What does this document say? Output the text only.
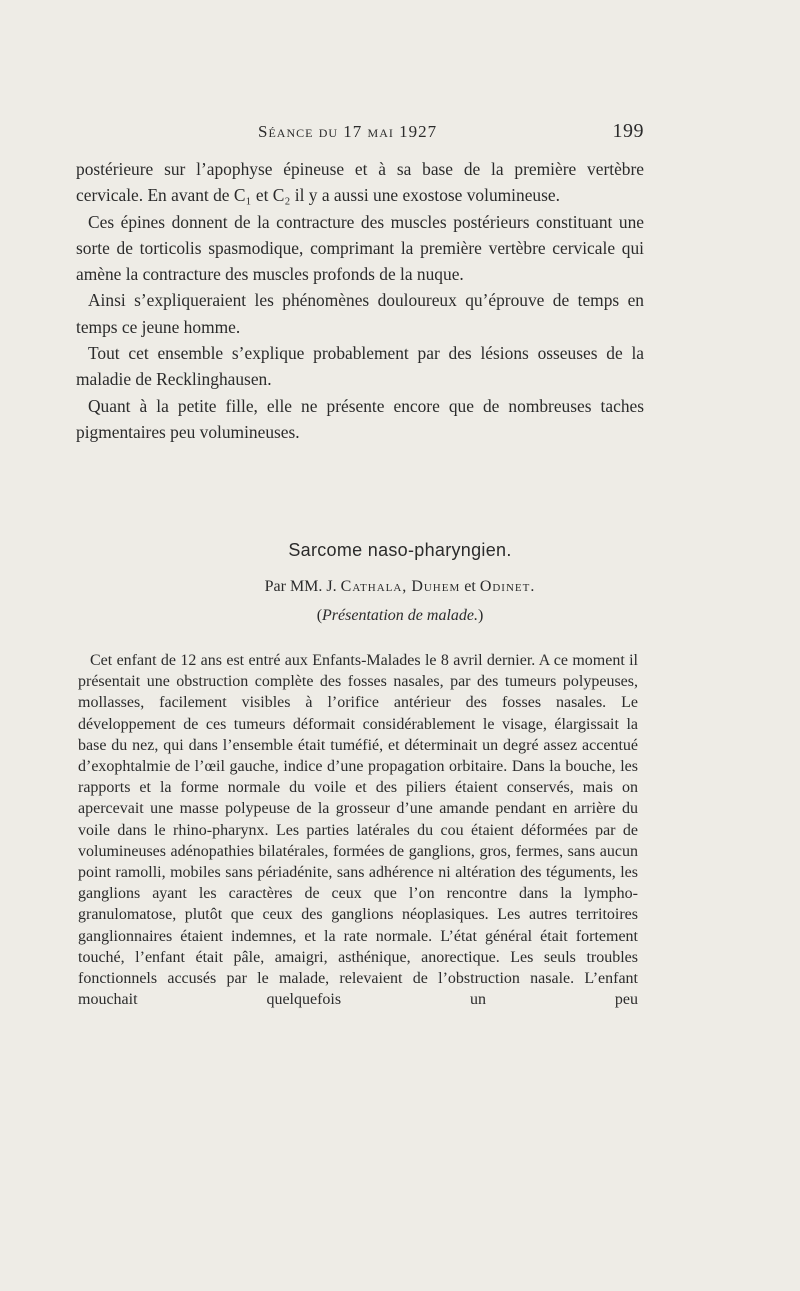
Séance du 17 mai 1927	199

postérieure sur l’apophyse épineuse et à sa base de la première vertèbre cervicale. En avant de C₁ et C₂ il y a aussi une exostose volumineuse.

Ces épines donnent de la contracture des muscles postérieurs constituant une sorte de torticolis spasmodique, comprimant la première vertèbre cervicale qui amène la contracture des muscles profonds de la nuque.

Ainsi s’expliqueraient les phénomènes douloureux qu’éprouve de temps en temps ce jeune homme.

Tout cet ensemble s’explique probablement par des lésions osseuses de la maladie de Recklinghausen.

Quant à la petite fille, elle ne présente encore que de nombreuses taches pigmentaires peu volumineuses.

Sarcome naso-pharyngien.
Par MM. J. Cathala, Duhem et Odinet.
(Présentation de malade.)

Cet enfant de 12 ans est entré aux Enfants-Malades le 8 avril dernier. A ce moment il présentait une obstruction complète des fosses nasales, par des tumeurs polypeuses, mollasses, facilement visibles à l’orifice antérieur des fosses nasales. Le développement de ces tumeurs déformait considérablement le visage, élargissait la base du nez, qui dans l’ensemble était tuméfié, et déterminait un degré assez accentué d’exophtalmie de l’œil gauche, indice d’une propagation orbitaire. Dans la bouche, les rapports et la forme normale du voile et des piliers étaient conservés, mais on apercevait une masse polypeuse de la grosseur d’une amande pendant en arrière du voile dans le rhino-pharynx. Les parties latérales du cou étaient déformées par de volumineuses adénopathies bilatérales, formées de ganglions, gros, fermes, sans aucun point ramolli, mobiles sans périadénite, sans adhérence ni altération des téguments, les ganglions ayant les caractères de ceux que l’on rencontre dans la lympho-granulomatose, plutôt que ceux des ganglions néoplasiques. Les autres territoires ganglionnaires étaient indemnes, et la rate normale. L’état général était fortement touché, l’enfant était pâle, amaigri, asthénique, anorectique. Les seuls troubles fonctionnels accusés par le malade, relevaient de l’obstruction nasale. L’enfant mouchait quelquefois un peu
